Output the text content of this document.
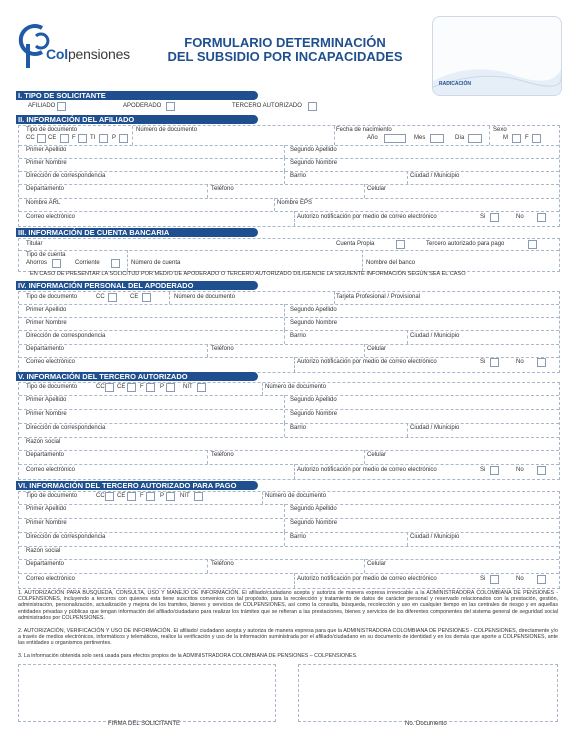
Colpensiones
FORMULARIO DETERMINACIÓN
DEL SUBSIDIO POR INCAPACIDADES
RADICACIÓN
I. TIPO DE SOLICITANTE
AFILIADO	APODERADO	TERCERO AUTORIZADO
II. INFORMACIÓN DEL AFILIADO
Tipo de documento
CC CE	F TI	P
Número de documento	Fecha de nacimiento
Año	Mes	Día
Sexo
M	F
Primer Apellido	Segundo Apellido
Primer Nombre	Segundo Nombre
Dirección de correspondencia	Barrio	Ciudad / Municipio
Departamento	Teléfono	Celular
Nombre ARL	Nombre EPS
Correo electrónico	Autorizo notificación por medio de correo electrónico	Si	No
III. INFORMACIÓN DE CUENTA BANCARIA
Titular	Cuenta Propia	Tercero autorizado para pago
Tipo de cuenta
Ahorros	Corriente	Número de cuenta	Nombre del banco
EN CASO DE PRESENTAR LA SOLICITUD POR MEDIO DE APODERADO O TERCERO AUTORIZADO DILIGENCIE LA SIGUIENTE INFORMACIÓN SEGÚN SEA EL CASO
IV. INFORMACIÓN PERSONAL DEL APODERADO
Tipo de documento	CC	CE	Número de documento	Tarjeta Profesional / Provisional
Primer Apellido	Segundo Apellido
Primer Nombre	Segundo Nombre
Dirección de correspondencia	Barrio	Ciudad / Municipio
Departamento	Teléfono	Celular
Correo electrónico	Autorizo notificación por medio de correo electrónico	Si	No
V. INFORMACIÓN DEL TERCERO AUTORIZADO
Tipo de documento	CC CE F	P	NIT	Número de documento
Primer Apellido	Segundo Apellido
Primer Nombre	Segundo Nombre
Dirección de correspondencia	Barrio	Ciudad / Municipio
Razón social
Departamento	Teléfono	Celular
Correo electrónico	Autorizo notificación por medio de correo electrónico	Si	No
VI. INFORMACIÓN DEL TERCERO AUTORIZADO PARA PAGO
Tipo de documento	CC CE F	P	NIT	Número de documento
Primer Apellido	Segundo Apellido
Primer Nombre	Segundo Nombre
Dirección de correspondencia	Barrio	Ciudad / Municipio
Razón social
Departamento	Teléfono	Celular
Correo electrónico	Autorizo notificación por medio de correo electrónico	Si	No
1. AUTORIZACIÓN PARA BUSQUEDA, CONSULTA, USO Y MANEJO DE INFORMACIÓN. El afiliado/ciudadano acepta y autoriza de manera expresa irrevocable a la ADMINISTRADORA COLOMBIANA DE PENSIONES - COLPENSIONES, incluyendo a terceros con quienes esta tiene suscritos convenios con tal propósito, para la recolección y tratamiento de datos de carácter personal y reservado relacionados con la prestación, gestión, administración, personalización, actualización y mejora de los tramites, bienes y servicios de COLPENSIONES, así como la consulta, búsqueda, recolección y uso en cualquier tiempo en las centrales de riesgo y en aquellas entidades privadas y públicas que tengan información del afiliado/ciudadano para realizar los trámites que se refieran a las prestaciones, bienes y servicios de los diferentes componentes del sistema general de seguridad social administrados por COLPENSIONES.
2. AUTORIZACIÓN, VERIFICACIÓN Y USO DE INFORMACIÓN. El afiliado/ ciudadano acepta y autoriza de manera expresa para que la ADMINISTRADORA COLOMBIANA DE PENSIONES - COLPENSIONES, directamente y/o a través de medios electrónicos, informáticos y telemáticos, realice la verificación y uso de la información suministrada por el afiliado/ciudadano en su documento de identidad y en los demás que aporte a COLPENSIONES, ante las entidades u organismos pertinentes.
3. La información obtenida solo será usada para efectos propios de la ADMINISTRADORA COLOMBIANA DE PENSIONES – COLPENSIONES.
FIRMA DEL SOLICITANTE	No. Documento
